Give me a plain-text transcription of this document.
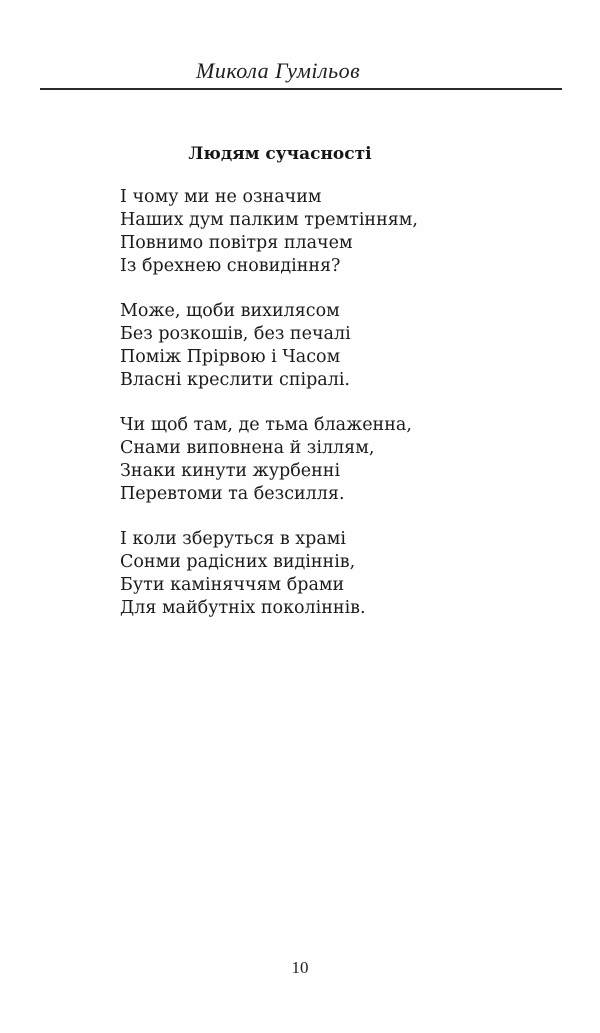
Микола Гумільов
Людям сучасності
І чому ми не означим
Наших дум палким тремтінням,
Повнимо повітря плачем
Із брехнею сновидіння?
Може, щоби вихилясом
Без розкошів, без печалі
Поміж Прірвою і Часом
Власні креслити спіралі.
Чи щоб там, де тьма блаженна,
Снами виповнена й зіллям,
Знаки кинути журбенні
Перевтоми та безсилля.
І коли зберуться в храмі
Сонми радісних видіннів,
Бути каміняччям брами
Для майбутніх поколіннів.
10
